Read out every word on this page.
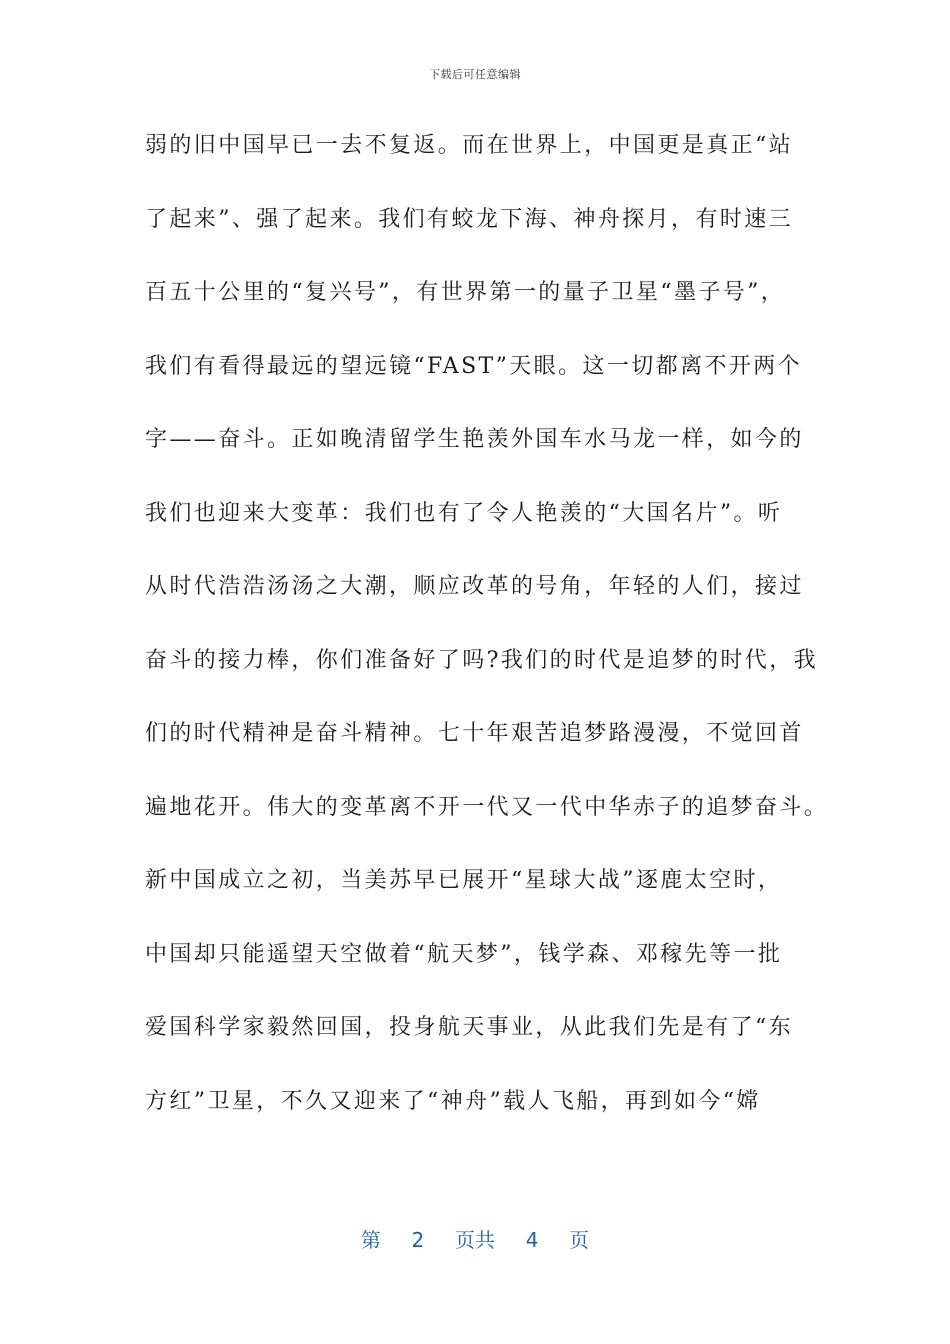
下载后可任意编辑
弱的旧中国早已一去不复返。而在世界上，中国更是真正“站
了起来”、强了起来。我们有蛟龙下海、神舟探月，有时速三
百五十公里的“复兴号”，有世界第一的量子卫星“墨子号”，
我们有看得最远的望远镜“FAST”天眼。这一切都离不开两个
字——奋斗。正如晚清留学生艳羡外国车水马龙一样，如今的
我们也迎来大变革：我们也有了令人艳羡的“大国名片”。听
从时代浩浩汤汤之大潮，顺应改革的号角，年轻的人们，接过
奋斗的接力棒，你们准备好了吗?我们的时代是追梦的时代，我
们的时代精神是奋斗精神。七十年艰苦追梦路漫漫，不觉回首
遍地花开。伟大的变革离不开一代又一代中华赤子的追梦奋斗。
新中国成立之初，当美苏早已展开“星球大战”逐鹿太空时，
中国却只能遥望天空做着“航天梦”，钱学森、邓稼先等一批
爱国科学家毅然回国，投身航天事业，从此我们先是有了“东
方红”卫星，不久又迎来了“神舟”载人飞船，再到如今“嫦
第 2 页共 4 页
